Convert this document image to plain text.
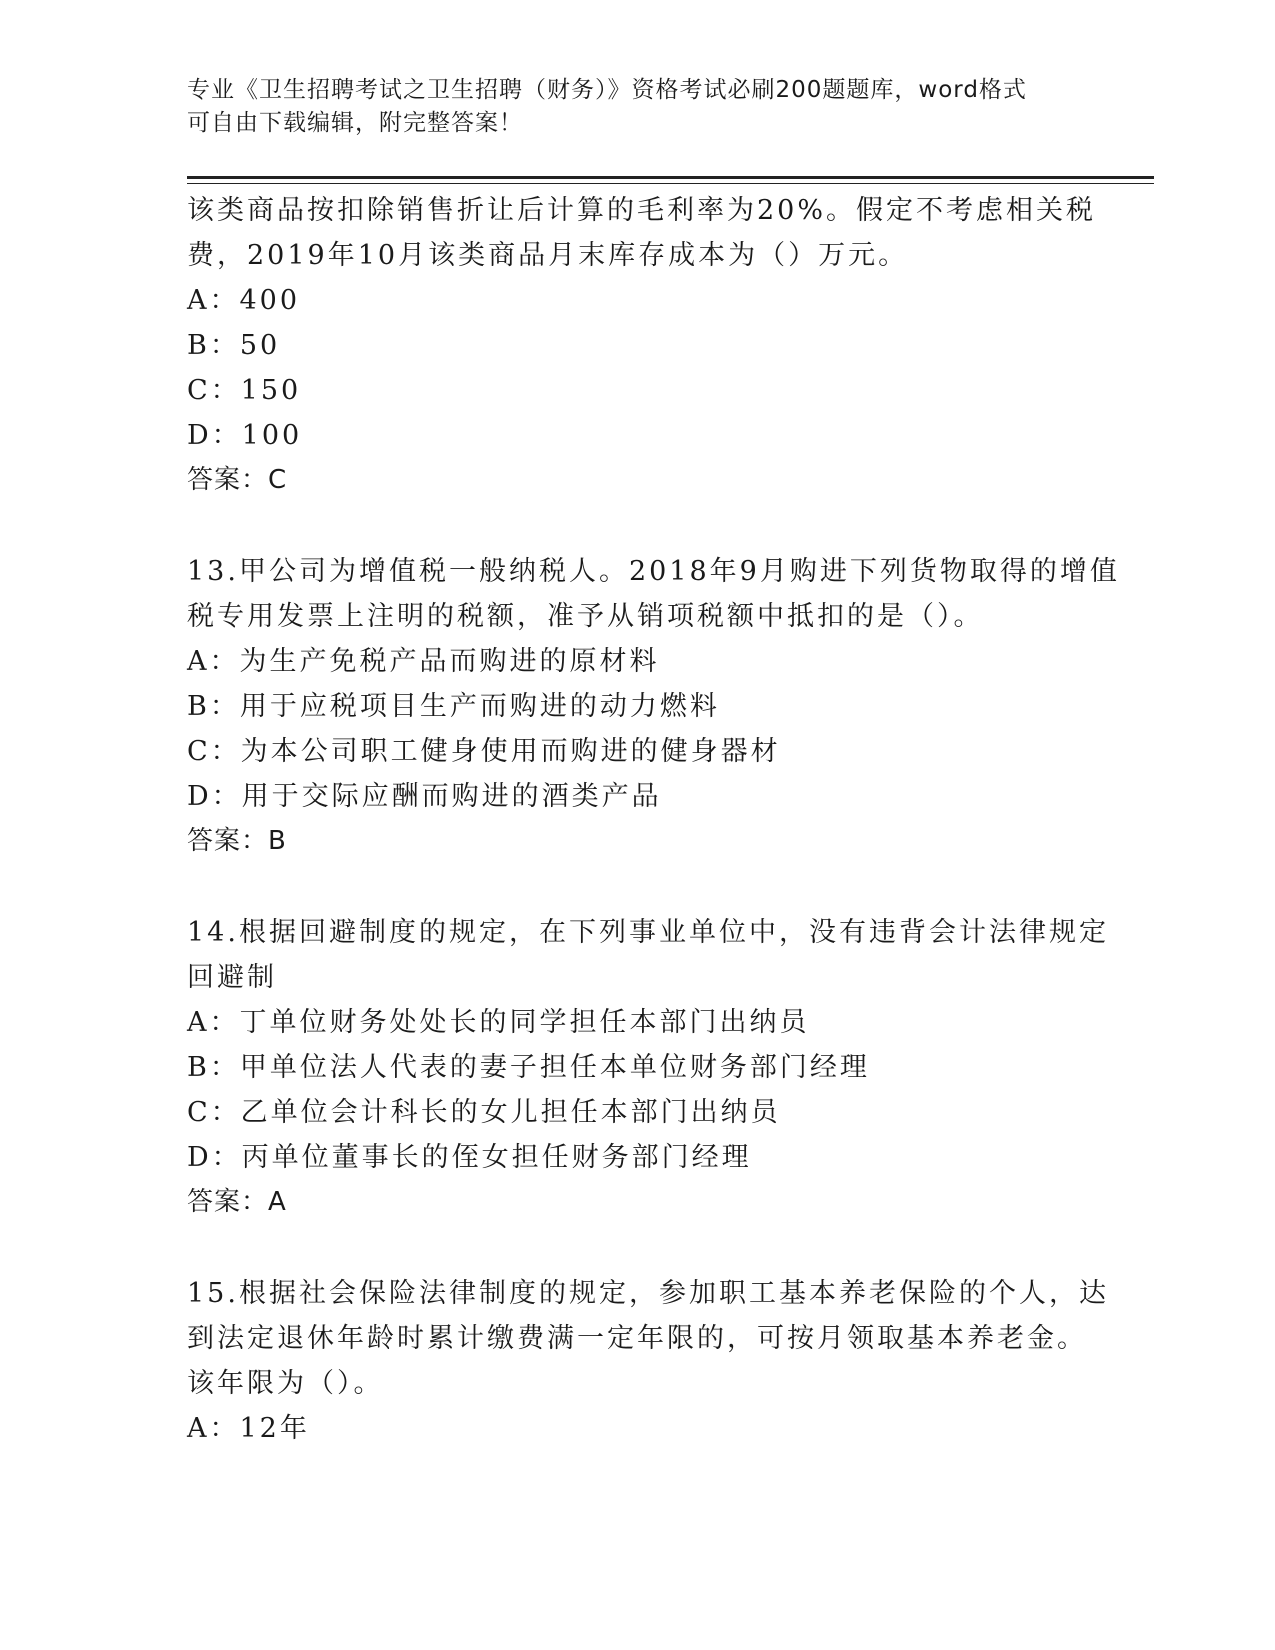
专业《卫生招聘考试之卫生招聘（财务）》资格考试必刷200题题库，word格式
可自由下载编辑，附完整答案！
该类商品按扣除销售折让后计算的毛利率为20%。假定不考虑相关税
费，2019年10月该类商品月末库存成本为（）万元。
A：400
B：50
C：150
D：100
答案：C
13.甲公司为增值税一般纳税人。2018年9月购进下列货物取得的增值
税专用发票上注明的税额，准予从销项税额中抵扣的是（）。
A：为生产免税产品而购进的原材料
B：用于应税项目生产而购进的动力燃料
C：为本公司职工健身使用而购进的健身器材
D：用于交际应酬而购进的酒类产品
答案：B
14.根据回避制度的规定，在下列事业单位中，没有违背会计法律规定
回避制
A：丁单位财务处处长的同学担任本部门出纳员
B：甲单位法人代表的妻子担任本单位财务部门经理
C：乙单位会计科长的女儿担任本部门出纳员
D：丙单位董事长的侄女担任财务部门经理
答案：A
15.根据社会保险法律制度的规定，参加职工基本养老保险的个人，达
到法定退休年龄时累计缴费满一定年限的，可按月领取基本养老金。
该年限为（）。
A：12年
